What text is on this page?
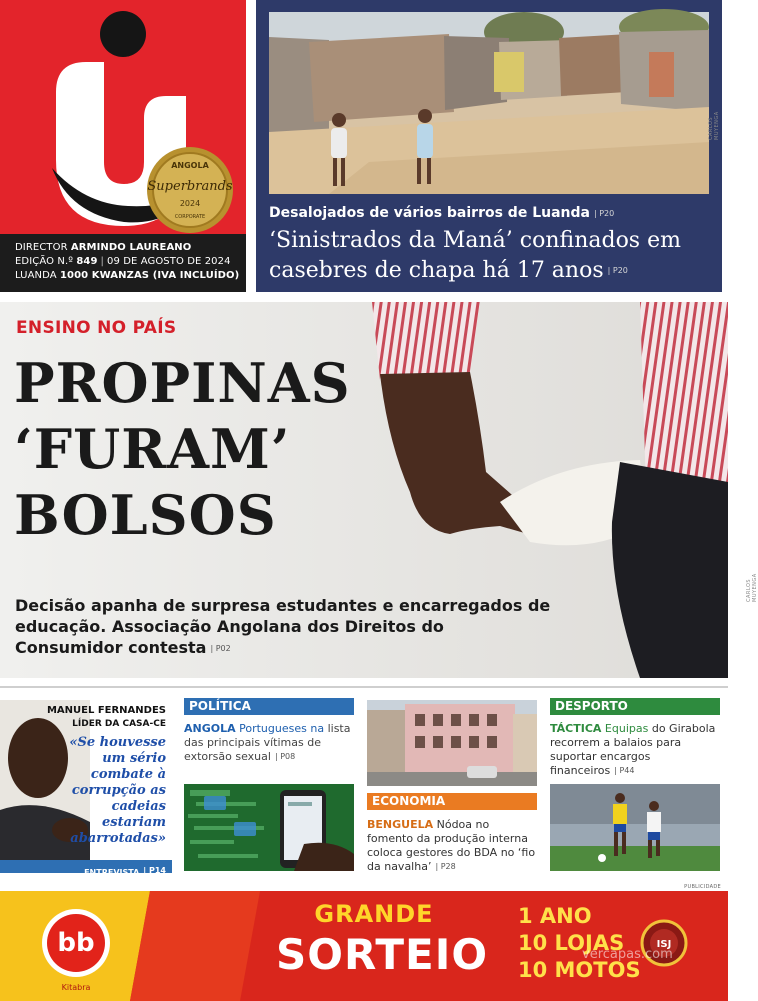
ANGOLA
Superbrands
2024
CORPORATE
DIRECTOR ARMINDO LAUREANO
EDIÇÃO N.º 849 | 09 DE AGOSTO DE 2024
LUANDA 1000 KWANZAS (IVA INCLUÍDO)
CARLOS MUYENGA
Desalojados de vários bairros de Luanda | P20
‘Sinistrados da Maná’ confinados em casebres de chapa há 17 anos | P20
CARLOS MUYENGA
ENSINO NO PAÍS
PROPINAS
‘FURAM’
BOLSOS
Decisão apanha de surpresa estudantes e encarregados de educação. Associação Angolana dos Direitos do Consumidor contesta | P02
MANUEL FERNANDES
LÍDER DA CASA-CE
«Se houvesse um sério combate à corrupção as cadeias estariam abarrotadas»
ENTREVISTA | P14
POLÍTICA
ANGOLA Portugueses na lista das principais vítimas de extorsão sexual | P08
ECONOMIA
BENGUELA Nódoa no fomento da produção interna coloca gestores do BDA no ‘fio da navalha’ | P28
DESPORTO
TÁCTICA Equipas do Girabola recorrem a balaios para suportar encargos financeiros | P44
PUBLICIDADE
bb
Kitabra
ISJ
GRANDE
SORTEIO
1 ANO
10 LOJAS
10 MOTOS
vercapas.com
